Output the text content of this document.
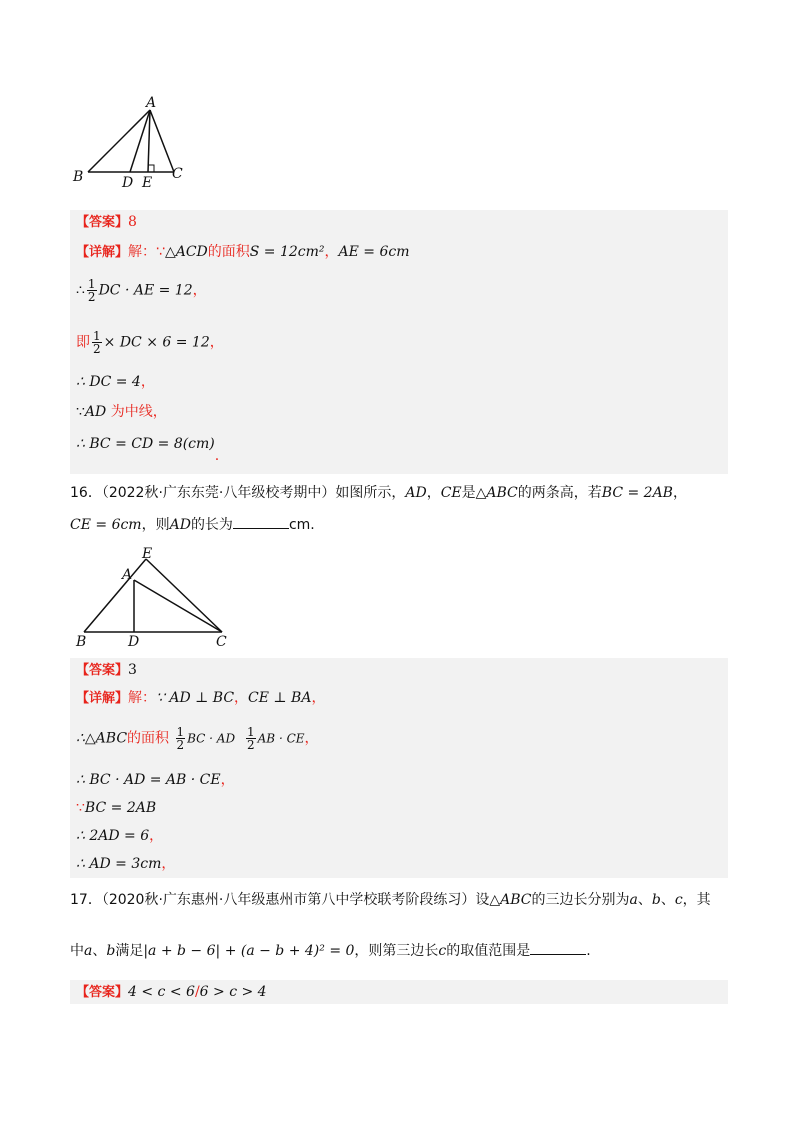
A
B	C
D E
【答案】8
【详解】解：∵△ACD的面积S = 12cm²，AE = 6cm
∴ $\frac{1}{2}$ DC · AE = 12，
即 $\frac{1}{2}$ × DC × 6 = 12，
∴ DC = 4，
∵AD 为中线，
∴ BC = CD = 8(cm).
16．（2022秋·广东东莞·八年级校考期中）如图所示，AD，CE是△ABC的两条高，若BC = 2AB，
CE = 6cm，则AD的长为	cm.
E
A
B	D	C
【答案】3
【详解】解：∵ AD ⊥ BC，CE ⊥ BA，
∴△ABC的面积 $\frac{1}{2}$ BC · AD $\frac{1}{2}$ AB · CE，
∴ BC · AD = AB · CE，
∵BC = 2AB
∴ 2AD = 6，
∴ AD = 3cm，
17．（2020秋·广东惠州·八年级惠州市第八中学校联考阶段练习）设△ABC的三边长分别为a、b、c，其
中a、b满足|a + b − 6| + (a − b + 4)² = 0，则第三边长c的取值范围是	.
【答案】4 < c < 6/6 > c > 4
